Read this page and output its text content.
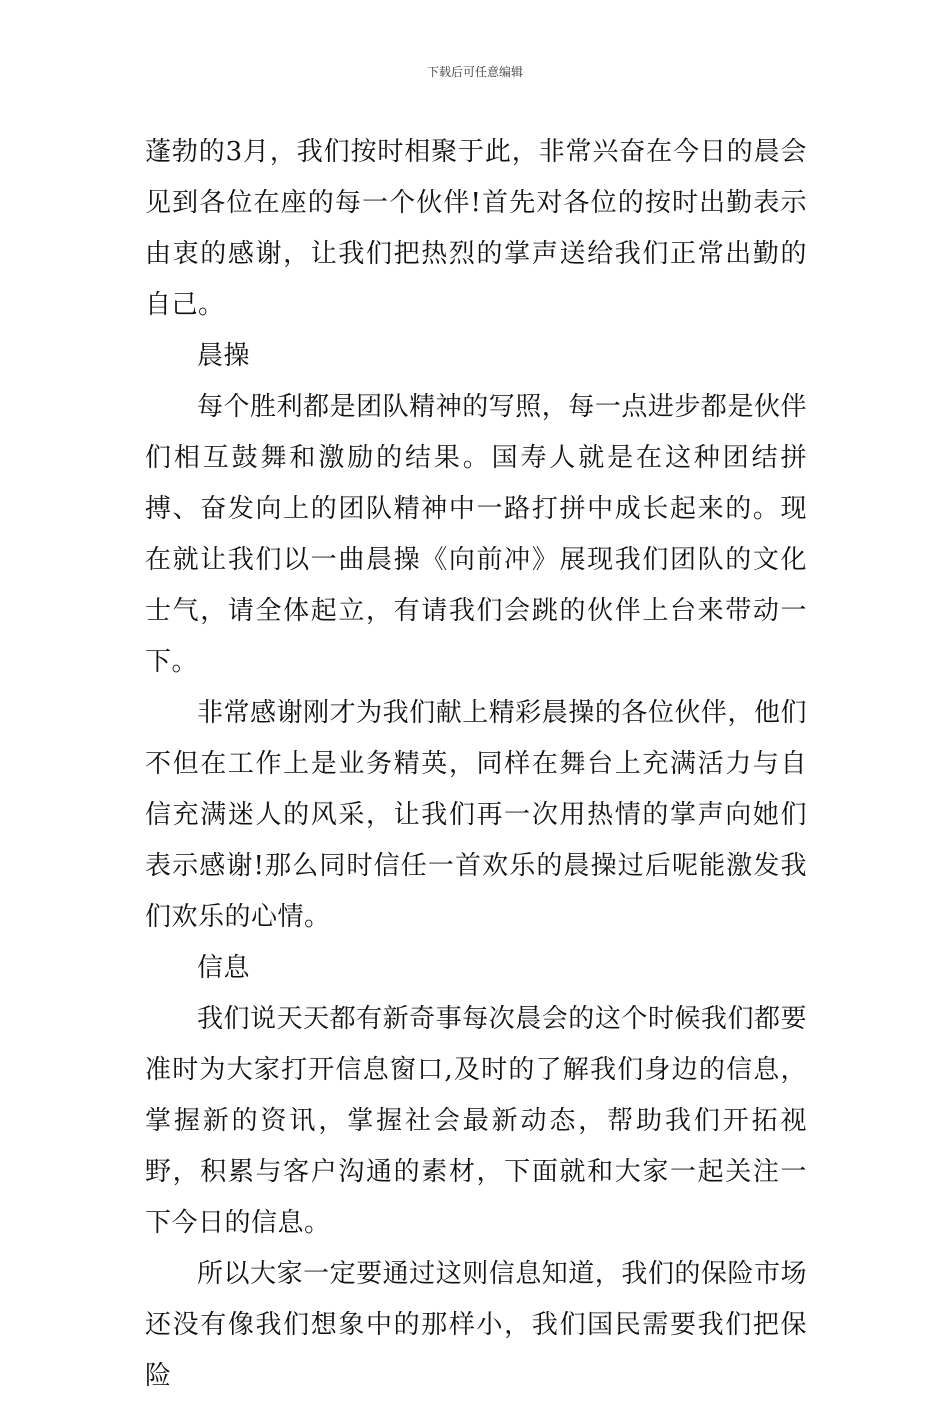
下载后可任意编辑

蓬勃的3月，我们按时相聚于此，非常兴奋在今日的晨会见到各位在座的每一个伙伴!首先对各位的按时出勤表示由衷的感谢，让我们把热烈的掌声送给我们正常出勤的自己。

晨操

每个胜利都是团队精神的写照，每一点进步都是伙伴们相互鼓舞和激励的结果。国寿人就是在这种团结拼搏、奋发向上的团队精神中一路打拼中成长起来的。现在就让我们以一曲晨操《向前冲》展现我们团队的文化士气，请全体起立，有请我们会跳的伙伴上台来带动一下。

非常感谢刚才为我们献上精彩晨操的各位伙伴，他们不但在工作上是业务精英，同样在舞台上充满活力与自信充满迷人的风采，让我们再一次用热情的掌声向她们表示感谢!那么同时信任一首欢乐的晨操过后呢能激发我们欢乐的心情。

信息

我们说天天都有新奇事每次晨会的这个时候我们都要准时为大家打开信息窗口,及时的了解我们身边的信息，掌握新的资讯，掌握社会最新动态，帮助我们开拓视野，积累与客户沟通的素材，下面就和大家一起关注一下今日的信息。

所以大家一定要通过这则信息知道，我们的保险市场还没有像我们想象中的那样小，我们国民需要我们把保险
